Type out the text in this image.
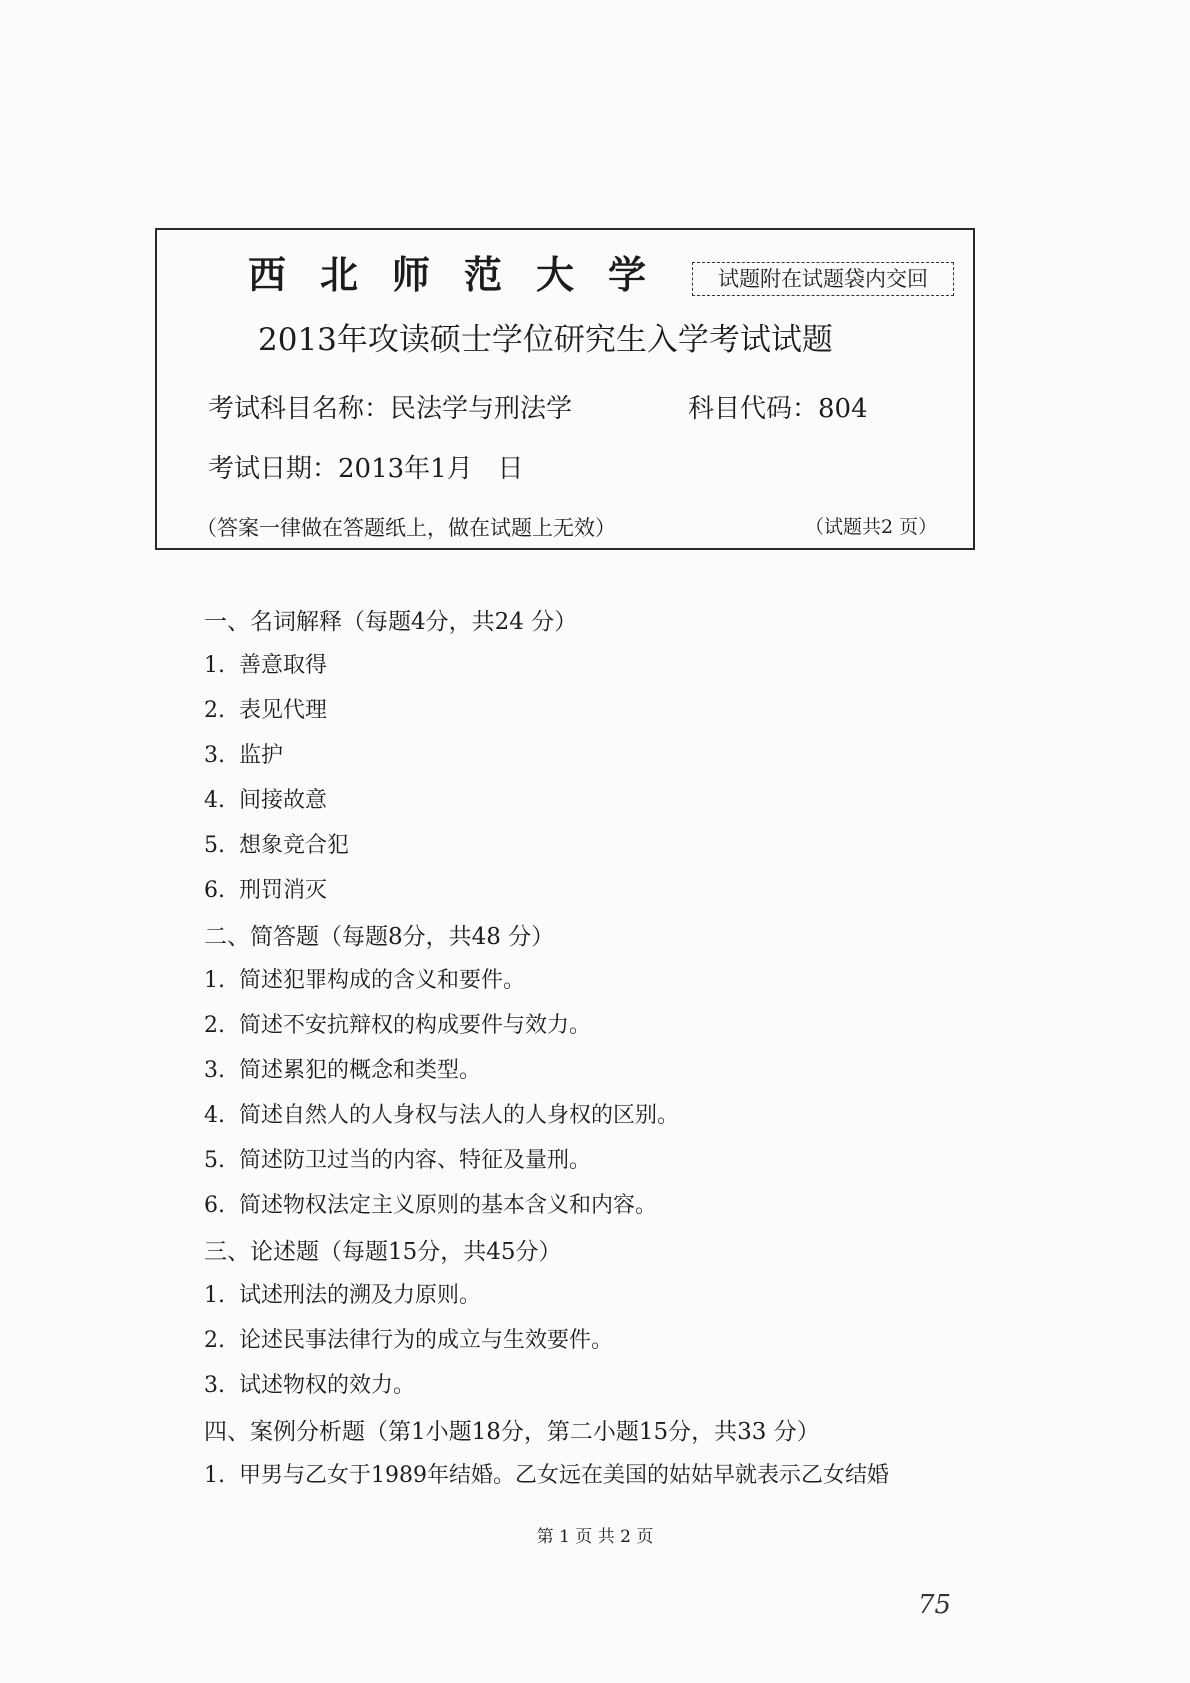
西北师范大学	试题附在试题袋内交回
2013年攻读硕士学位研究生入学考试试题
考试科目名称：民法学与刑法学	科目代码：804
考试日期：2013年1月   日
（答案一律做在答题纸上，做在试题上无效）	（试题共2 页）
一、名词解释（每题4分，共24 分）
1. 善意取得
2. 表见代理
3. 监护
4. 间接故意
5. 想象竞合犯
6. 刑罚消灭
二、简答题（每题8分，共48 分）
1. 简述犯罪构成的含义和要件。
2. 简述不安抗辩权的构成要件与效力。
3. 简述累犯的概念和类型。
4. 简述自然人的人身权与法人的人身权的区别。
5. 简述防卫过当的内容、特征及量刑。
6. 简述物权法定主义原则的基本含义和内容。
三、论述题（每题15分，共45分）
1. 试述刑法的溯及力原则。
2. 论述民事法律行为的成立与生效要件。
3. 试述物权的效力。
四、案例分析题（第1小题18分，第二小题15分，共33 分）
1. 甲男与乙女于1989年结婚。乙女远在美国的姑姑早就表示乙女结婚
第 1 页 共 2 页
75
